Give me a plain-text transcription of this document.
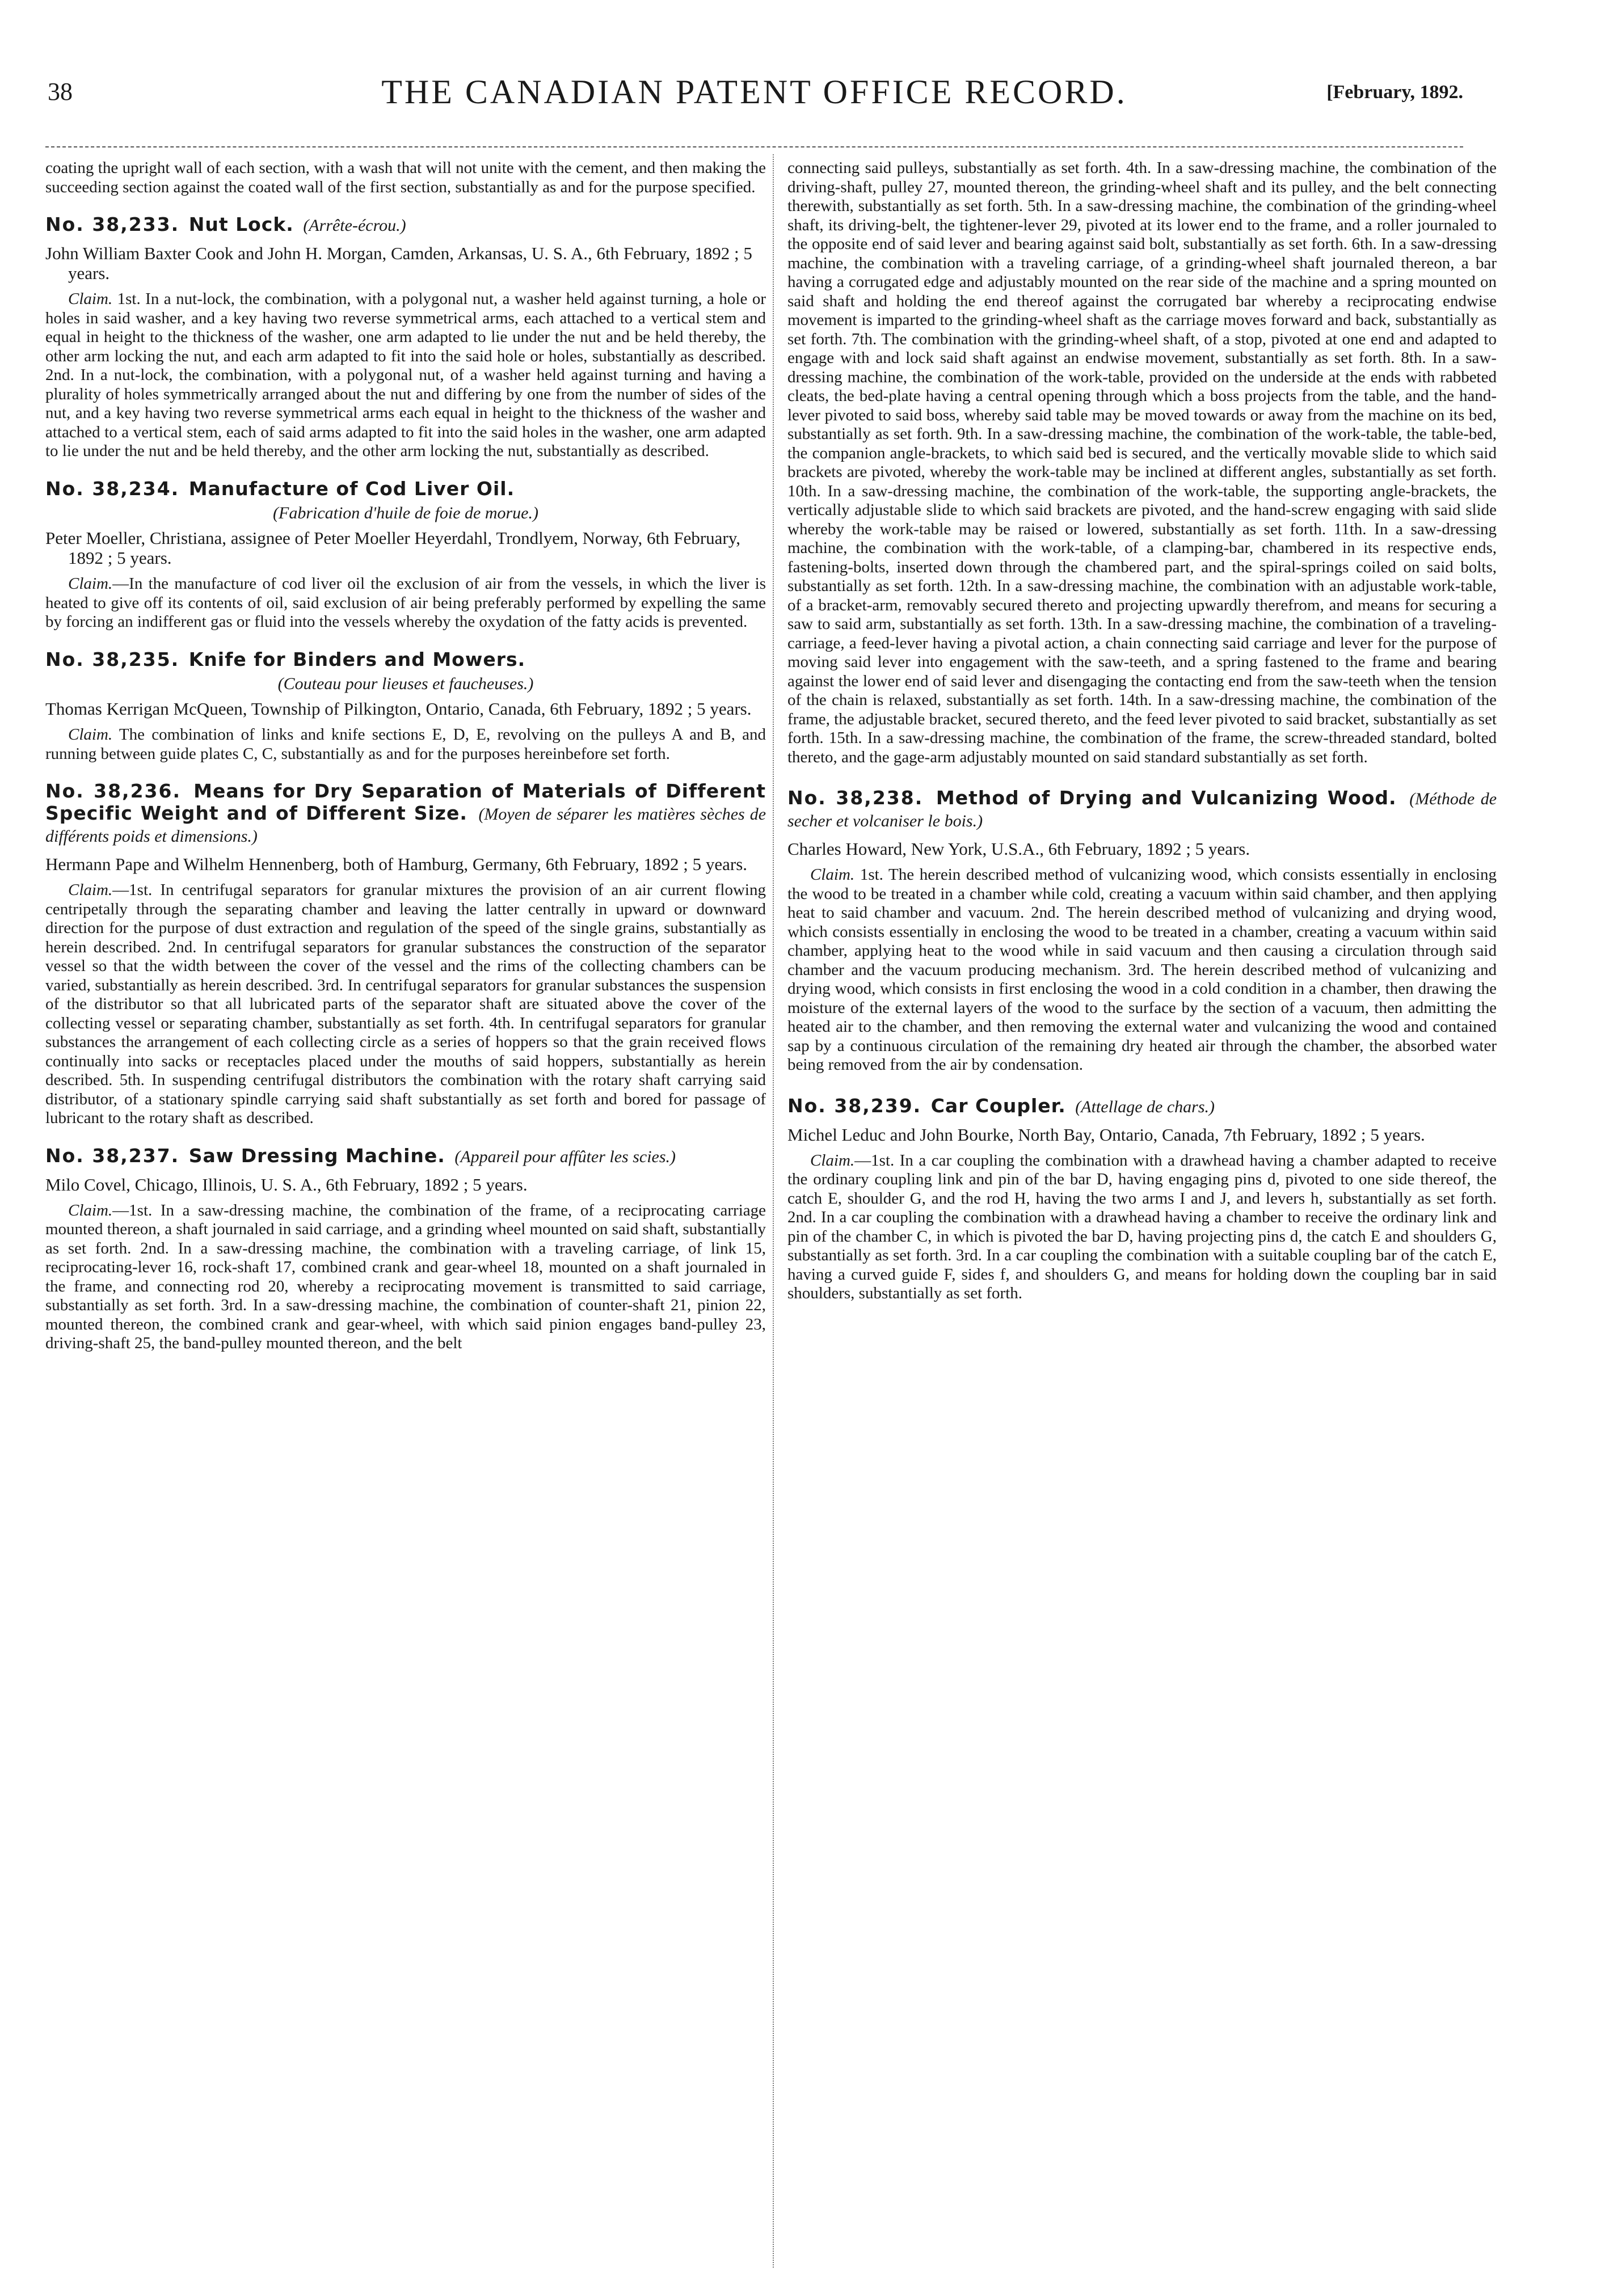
38	THE CANADIAN PATENT OFFICE RECORD.	[February, 1892.

coating the upright wall of each section, with a wash that will not unite with the cement, and then making the succeeding section against the coated wall of the first section, substantially as and for the purpose specified.

No. 38,233. Nut Lock. (Arrête-écrou.)

John William Baxter Cook and John H. Morgan, Camden, Arkansas, U. S. A., 6th February, 1892 ; 5 years.

Claim. 1st. In a nut-lock, the combination, with a polygonal nut, a washer held against turning, a hole or holes in said washer, and a key having two reverse symmetrical arms, each attached to a vertical stem and equal in height to the thickness of the washer, one arm adapted to lie under the nut and be held thereby, the other arm locking the nut, and each arm adapted to fit into the said hole or holes, substantially as described. 2nd. In a nut-lock, the combination, with a polygonal nut, of a washer held against turning and having a plurality of holes symmetrically arranged about the nut and differing by one from the number of sides of the nut, and a key having two reverse symmetrical arms each equal in height to the thickness of the washer and attached to a vertical stem, each of said arms adapted to fit into the said holes in the washer, one arm adapted to lie under the nut and be held thereby, and the other arm locking the nut, substantially as described.

No. 38,234. Manufacture of Cod Liver Oil.

(Fabrication d'huile de foie de morue.)

Peter Moeller, Christiana, assignee of Peter Moeller Heyerdahl, Trondlyem, Norway, 6th February, 1892 ; 5 years.

Claim.—In the manufacture of cod liver oil the exclusion of air from the vessels, in which the liver is heated to give off its contents of oil, said exclusion of air being preferably performed by expelling the same by forcing an indifferent gas or fluid into the vessels whereby the oxydation of the fatty acids is prevented.

No. 38,235. Knife for Binders and Mowers.

(Couteau pour lieuses et faucheuses.)

Thomas Kerrigan McQueen, Township of Pilkington, Ontario, Canada, 6th February, 1892 ; 5 years.

Claim. The combination of links and knife sections E, D, E, revolving on the pulleys A and B, and running between guide plates C, C, substantially as and for the purposes hereinbefore set forth.

No. 38,236. Means for Dry Separation of Materials of Different Specific Weight and of Different Size. (Moyen de séparer les matières sèches de différents poids et dimensions.)

Hermann Pape and Wilhelm Hennenberg, both of Hamburg, Germany, 6th February, 1892 ; 5 years.

Claim.—1st. In centrifugal separators for granular mixtures the provision of an air current flowing centripetally through the separating chamber and leaving the latter centrally in upward or downward direction for the purpose of dust extraction and regulation of the speed of the single grains, substantially as herein described. 2nd. In centrifugal separators for granular substances the construction of the separator vessel so that the width between the cover of the vessel and the rims of the collecting chambers can be varied, substantially as herein described. 3rd. In centrifugal separators for granular substances the suspension of the distributor so that all lubricated parts of the separator shaft are situated above the cover of the collecting vessel or separating chamber, substantially as set forth. 4th. In centrifugal separators for granular substances the arrangement of each collecting circle as a series of hoppers so that the grain received flows continually into sacks or receptacles placed under the mouths of said hoppers, substantially as herein described. 5th. In suspending centrifugal distributors the combination with the rotary shaft carrying said distributor, of a stationary spindle carrying said shaft substantially as set forth and bored for passage of lubricant to the rotary shaft as described.

No. 38,237. Saw Dressing Machine. (Appareil pour affûter les scies.)

Milo Covel, Chicago, Illinois, U. S. A., 6th February, 1892 ; 5 years.

Claim.—1st. In a saw-dressing machine, the combination of the frame, of a reciprocating carriage mounted thereon, a shaft journaled in said carriage, and a grinding wheel mounted on said shaft, substantially as set forth. 2nd. In a saw-dressing machine, the combination with a traveling carriage, of link 15, reciprocating-lever 16, rock-shaft 17, combined crank and gear-wheel 18, mounted on a shaft journaled in the frame, and connecting rod 20, whereby a reciprocating movement is transmitted to said carriage, substantially as set forth. 3rd. In a saw-dressing machine, the combination of counter-shaft 21, pinion 22, mounted thereon, the combined crank and gear-wheel, with which said pinion engages band-pulley 23, driving-shaft 25, the band-pulley mounted thereon, and the belt

connecting said pulleys, substantially as set forth. 4th. In a saw-dressing machine, the combination of the driving-shaft, pulley 27, mounted thereon, the grinding-wheel shaft and its pulley, and the belt connecting therewith, substantially as set forth. 5th. In a saw-dressing machine, the combination of the grinding-wheel shaft, its driving-belt, the tightener-lever 29, pivoted at its lower end to the frame, and a roller journaled to the opposite end of said lever and bearing against said bolt, substantially as set forth. 6th. In a saw-dressing machine, the combination with a traveling carriage, of a grinding-wheel shaft journaled thereon, a bar having a corrugated edge and adjustably mounted on the rear side of the machine and a spring mounted on said shaft and holding the end thereof against the corrugated bar whereby a reciprocating endwise movement is imparted to the grinding-wheel shaft as the carriage moves forward and back, substantially as set forth. 7th. The combination with the grinding-wheel shaft, of a stop, pivoted at one end and adapted to engage with and lock said shaft against an endwise movement, substantially as set forth. 8th. In a saw-dressing machine, the combination of the work-table, provided on the underside at the ends with rabbeted cleats, the bed-plate having a central opening through which a boss projects from the table, and the hand-lever pivoted to said boss, whereby said table may be moved towards or away from the machine on its bed, substantially as set forth. 9th. In a saw-dressing machine, the combination of the work-table, the table-bed, the companion angle-brackets, to which said bed is secured, and the vertically movable slide to which said brackets are pivoted, whereby the work-table may be inclined at different angles, substantially as set forth. 10th. In a saw-dressing machine, the combination of the work-table, the supporting angle-brackets, the vertically adjustable slide to which said brackets are pivoted, and the hand-screw engaging with said slide whereby the work-table may be raised or lowered, substantially as set forth. 11th. In a saw-dressing machine, the combination with the work-table, of a clamping-bar, chambered in its respective ends, fastening-bolts, inserted down through the chambered part, and the spiral-springs coiled on said bolts, substantially as set forth. 12th. In a saw-dressing machine, the combination with an adjustable work-table, of a bracket-arm, removably secured thereto and projecting upwardly therefrom, and means for securing a saw to said arm, substantially as set forth. 13th. In a saw-dressing machine, the combination of a traveling-carriage, a feed-lever having a pivotal action, a chain connecting said carriage and lever for the purpose of moving said lever into engagement with the saw-teeth, and a spring fastened to the frame and bearing against the lower end of said lever and disengaging the contacting end from the saw-teeth when the tension of the chain is relaxed, substantially as set forth. 14th. In a saw-dressing machine, the combination of the frame, the adjustable bracket, secured thereto, and the feed lever pivoted to said bracket, substantially as set forth. 15th. In a saw-dressing machine, the combination of the frame, the screw-threaded standard, bolted thereto, and the gage-arm adjustably mounted on said standard substantially as set forth.

No. 38,238. Method of Drying and Vulcanizing Wood. (Méthode de secher et volcaniser le bois.)

Charles Howard, New York, U.S.A., 6th February, 1892 ; 5 years.

Claim. 1st. The herein described method of vulcanizing wood, which consists essentially in enclosing the wood to be treated in a chamber while cold, creating a vacuum within said chamber, and then applying heat to said chamber and vacuum. 2nd. The herein described method of vulcanizing and drying wood, which consists essentially in enclosing the wood to be treated in a chamber, creating a vacuum within said chamber, applying heat to the wood while in said vacuum and then causing a circulation through said chamber and the vacuum producing mechanism. 3rd. The herein described method of vulcanizing and drying wood, which consists in first enclosing the wood in a cold condition in a chamber, then drawing the moisture of the external layers of the wood to the surface by the section of a vacuum, then admitting the heated air to the chamber, and then removing the external water and vulcanizing the wood and contained sap by a continuous circulation of the remaining dry heated air through the chamber, the absorbed water being removed from the air by condensation.

No. 38,239. Car Coupler. (Attellage de chars.)

Michel Leduc and John Bourke, North Bay, Ontario, Canada, 7th February, 1892 ; 5 years.

Claim.—1st. In a car coupling the combination with a drawhead having a chamber adapted to receive the ordinary coupling link and pin of the bar D, having engaging pins d, pivoted to one side thereof, the catch E, shoulder G, and the rod H, having the two arms I and J, and levers h, substantially as set forth. 2nd. In a car coupling the combination with a drawhead having a chamber to receive the ordinary link and pin of the chamber C, in which is pivoted the bar D, having projecting pins d, the catch E and shoulders G, substantially as set forth. 3rd. In a car coupling the combination with a suitable coupling bar of the catch E, having a curved guide F, sides f, and shoulders G, and means for holding down the coupling bar in said shoulders, substantially as set forth.
